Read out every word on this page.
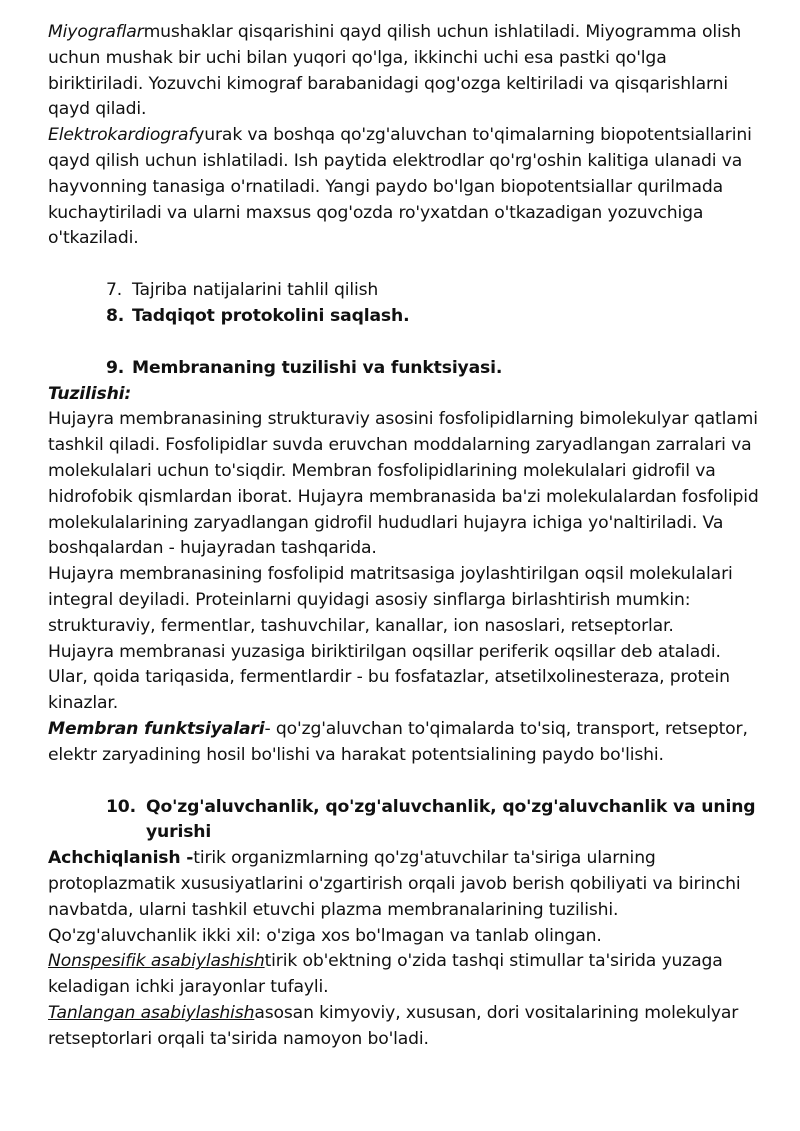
Miyograflarmushaklar qisqarishini qayd qilish uchun ishlatiladi. Miyogramma olish uchun mushak bir uchi bilan yuqori qo'lga, ikkinchi uchi esa pastki qo'lga biriktiriladi. Yozuvchi kimograf barabanidagi qog'ozga keltiriladi va qisqarishlarni qayd qiladi.

Elektrokardiografyurak va boshqa qo'zg'aluvchan to'qimalarning biopotentsiallarini qayd qilish uchun ishlatiladi. Ish paytida elektrodlar qo'rg'oshin kalitiga ulanadi va hayvonning tanasiga o'rnatiladi. Yangi paydo bo'lgan biopotentsiallar qurilmada kuchaytiriladi va ularni maxsus qog'ozda ro'yxatdan o'tkazadigan yozuvchiga o'tkaziladi.

7. Tajriba natijalarini tahlil qilish
8. Tadqiqot protokolini saqlash.
9. Membrananing tuzilishi va funktsiyasi.

Tuzilishi:

Hujayra membranasining strukturaviy asosini fosfolipidlarning bimolekulyar qatlami tashkil qiladi. Fosfolipidlar suvda eruvchan moddalarning zaryadlangan zarralari va molekulalari uchun to'siqdir. Membran fosfolipidlarining molekulalari gidrofil va hidrofobik qismlardan iborat. Hujayra membranasida ba'zi molekulalardan fosfolipid molekulalarining zaryadlangan gidrofil hududlari hujayra ichiga yo'naltiriladi. Va boshqalardan - hujayradan tashqarida.

Hujayra membranasining fosfolipid matritsasiga joylashtirilgan oqsil molekulalari integral deyiladi. Proteinlarni quyidagi asosiy sinflarga birlashtirish mumkin: strukturaviy, fermentlar, tashuvchilar, kanallar, ion nasoslari, retseptorlar.

Hujayra membranasi yuzasiga biriktirilgan oqsillar periferik oqsillar deb ataladi. Ular, qoida tariqasida, fermentlardir - bu fosfatazlar, atsetilxolinesteraza, protein kinazlar.

Membran funktsiyalari- qo'zg'aluvchan to'qimalarda to'siq, transport, retseptor, elektr zaryadining hosil bo'lishi va harakat potentsialining paydo bo'lishi.

10. Qo'zg'aluvchanlik, qo'zg'aluvchanlik, qo'zg'aluvchanlik va uning yurishi

Achchiqlanish -tirik organizmlarning qo'zg'atuvchilar ta'siriga ularning protoplazmatik xususiyatlarini o'zgartirish orqali javob berish qobiliyati va birinchi navbatda, ularni tashkil etuvchi plazma membranalarining tuzilishi.

Qo'zg'aluvchanlik ikki xil: o'ziga xos bo'lmagan va tanlab olingan.

Nonspesifik asabiylashishtirik ob'ektning o'zida tashqi stimullar ta'sirida yuzaga keladigan ichki jarayonlar tufayli.

Tanlangan asabiylashishasosan kimyoviy, xususan, dori vositalarining molekulyar retseptorlari orqali ta'sirida namoyon bo'ladi.
